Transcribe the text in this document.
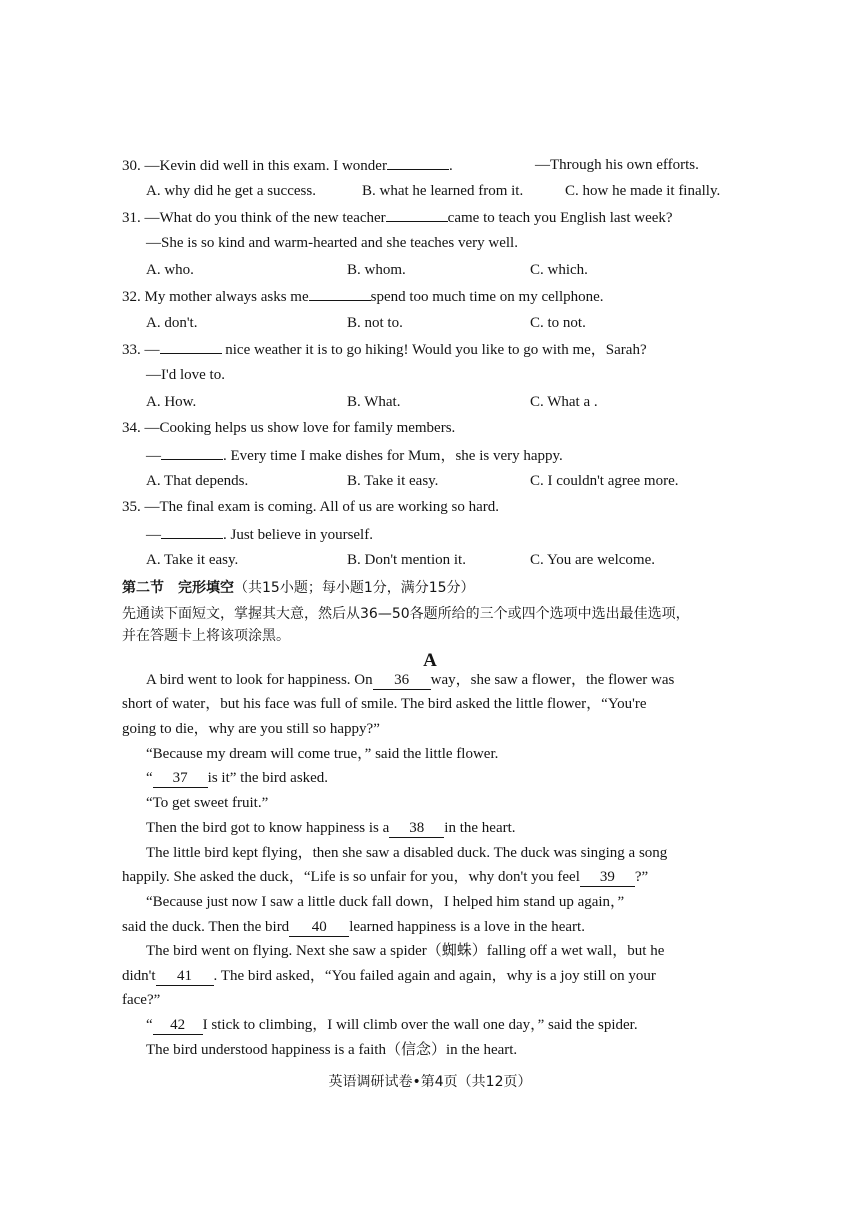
30. —Kevin did well in this exam. I wonder	.	—Through his own efforts.
A. why did he get a success.	B. what he learned from it.	C. how he made it finally.
31. —What do you think of the new teacher	came to teach you English last week?
—She is so kind and warm-hearted and she teaches very well.
A. who.	B. whom.	C. which.
32. My mother always asks me	spend too much time on my cellphone.
A. don't.	B. not to.	C. to not.
33. —	nice weather it is to go hiking! Would you like to go with me，Sarah?
—I'd love to.
A. How.	B. What.	C. What a .
34. —Cooking helps us show love for family members.
—	. Every time I make dishes for Mum，she is very happy.
A. That depends.	B. Take it easy.	C. I couldn't agree more.
35. —The final exam is coming. All of us are working so hard.
—	. Just believe in yourself.
A. Take it easy.	B. Don't mention it.	C. You are welcome.
第二节　完形填空（共15小题；每小题1分，满分15分）
先通读下面短文，掌握其大意，然后从36—50各题所给的三个或四个选项中选出最佳选项，
并在答题卡上将该项涂黑。
A
A bird went to look for happiness. On 36 way，she saw a flower，the flower was
short of water，but his face was full of smile. The bird asked the little flower，“You're
going to die，why are you still so happy?”
“Because my dream will come true，” said the little flower.
“ 37 is it” the bird asked.
“To get sweet fruit.”
Then the bird got to know happiness is a 38 in the heart.
The little bird kept flying，then she saw a disabled duck. The duck was singing a song
happily. She asked the duck，“Life is so unfair for you，why don't you feel 39 ?”
“Because just now I saw a little duck fall down，I helped him stand up again，”
said the duck. Then the bird 40 learned happiness is a love in the heart.
The bird went on flying. Next she saw a spider（蜘蛛）falling off a wet wall，but he
didn't 41 . The bird asked，“You failed again and again，why is a joy still on your
face?”
“ 42 I stick to climbing，I will climb over the wall one day，” said the spider.
The bird understood happiness is a faith（信念）in the heart.
英语调研试卷•第4页（共12页）
